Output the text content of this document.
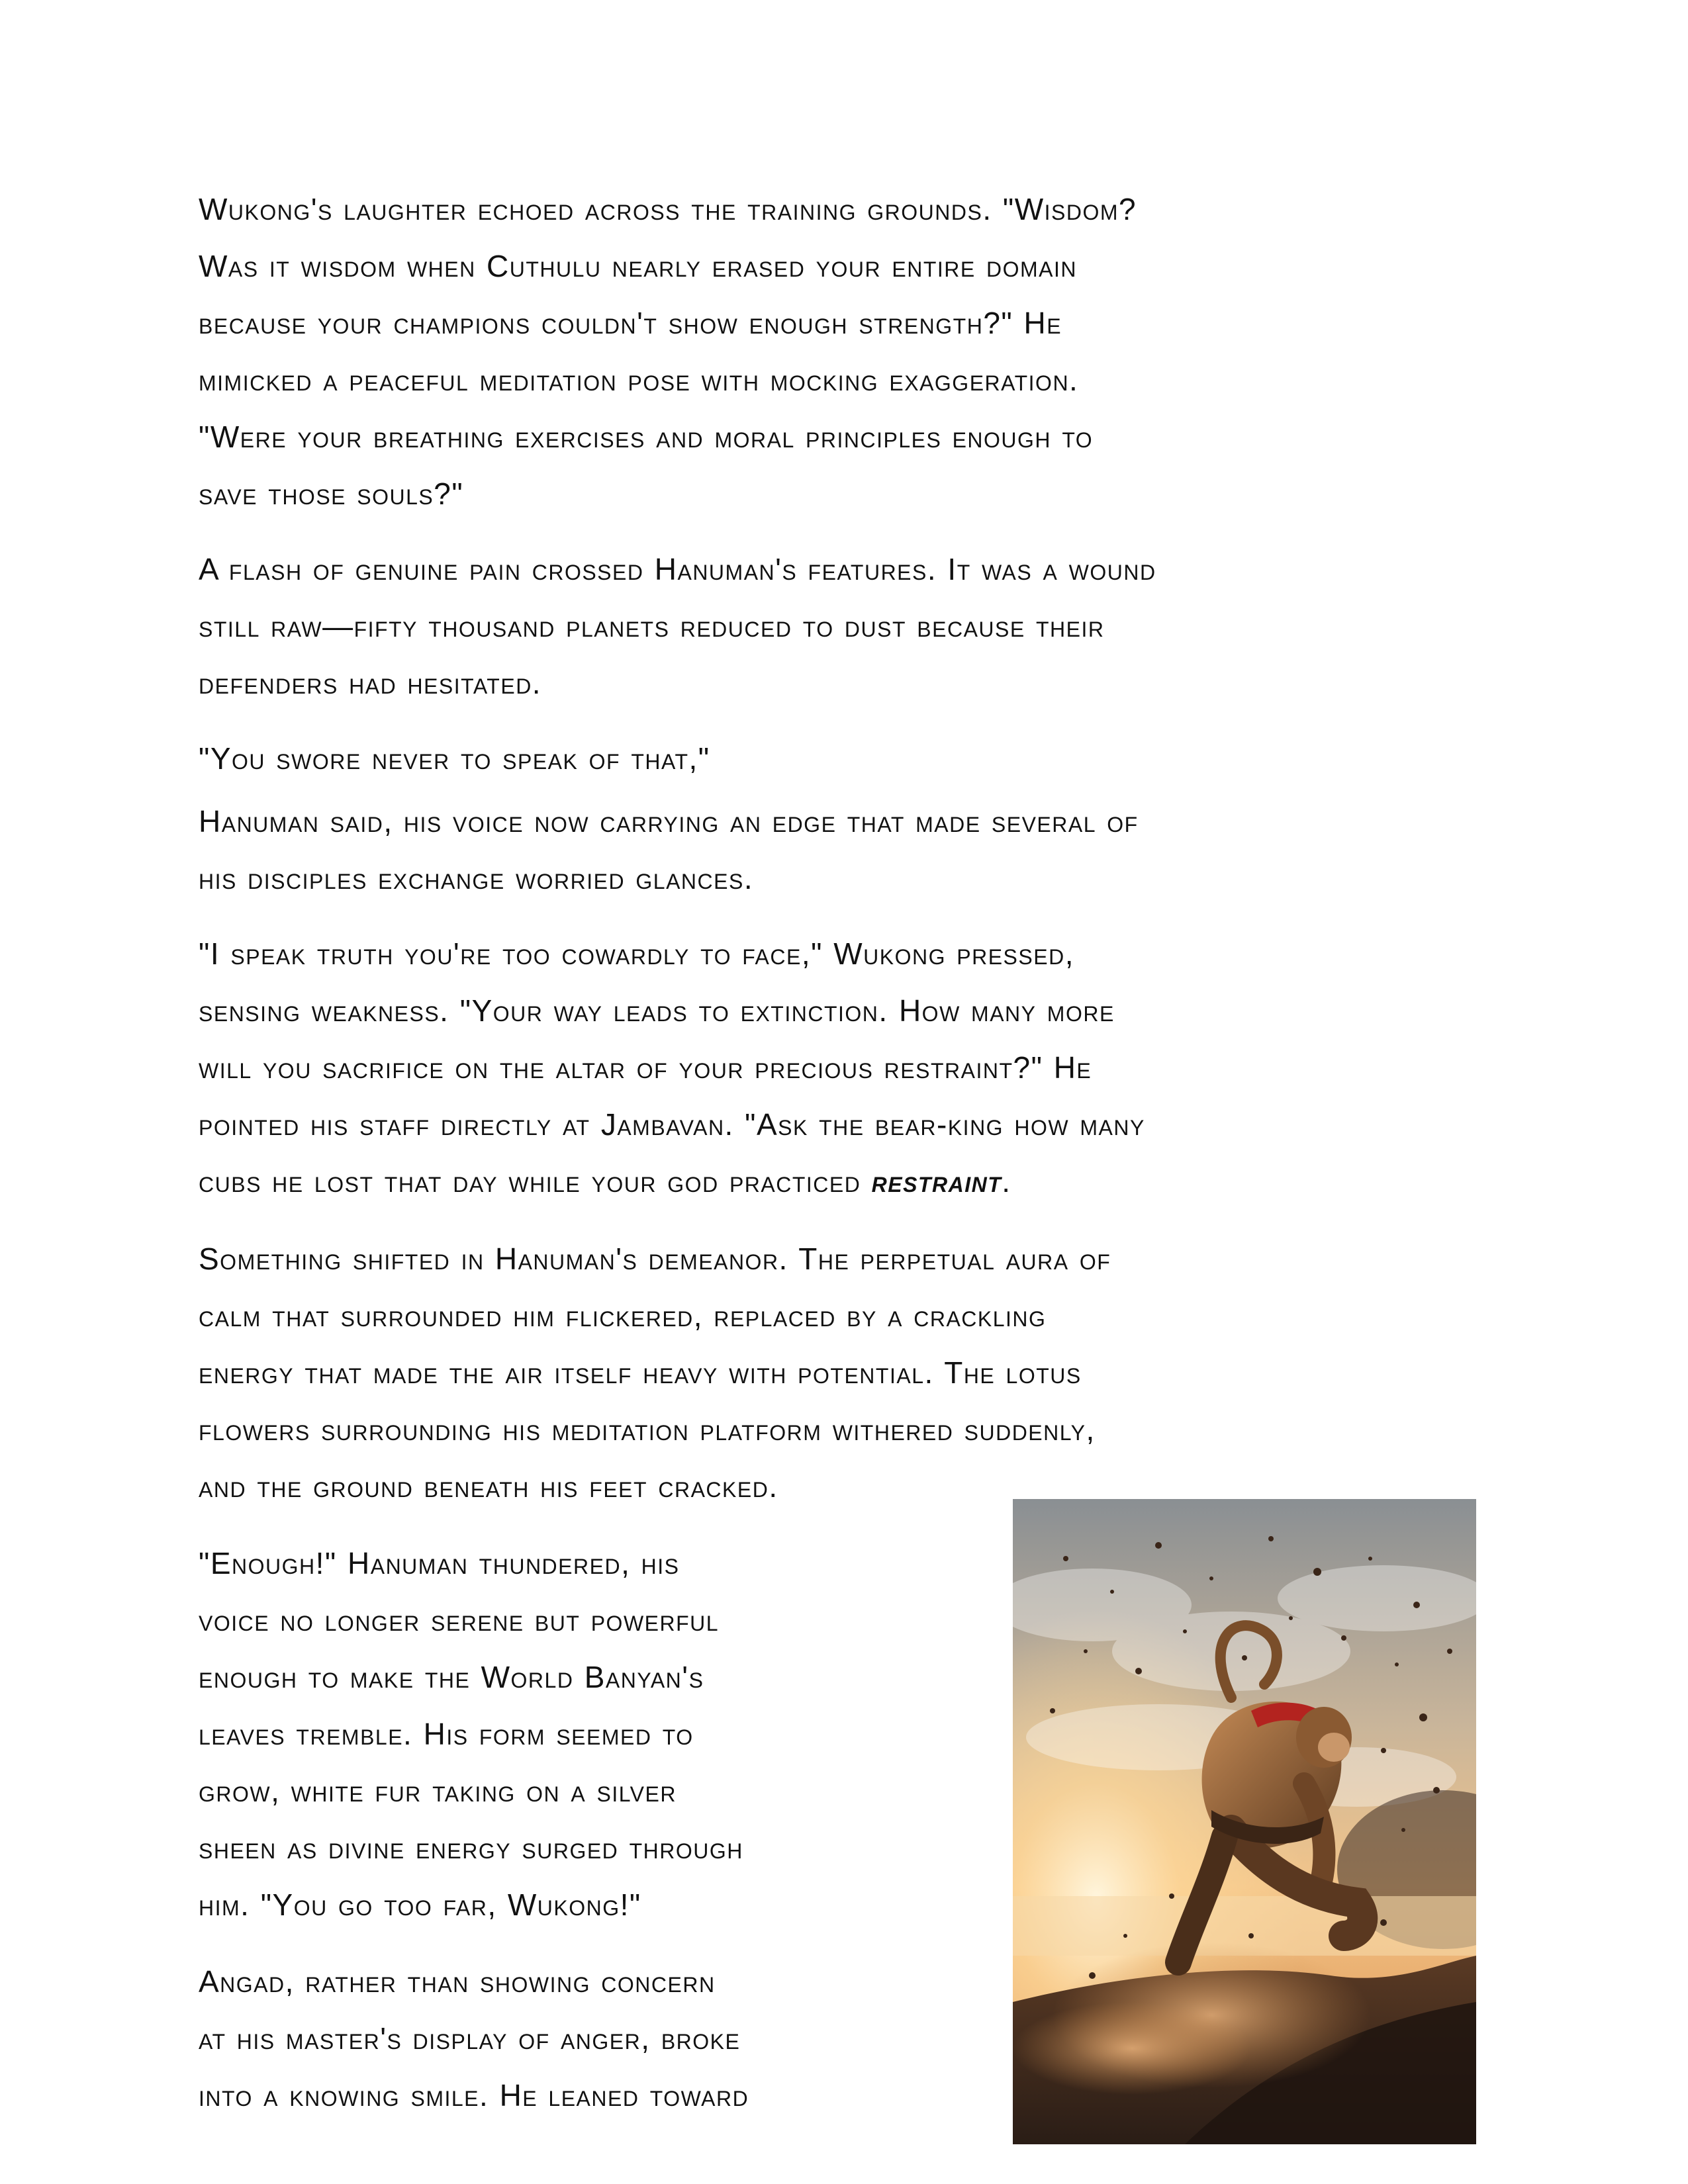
Wukong's laughter echoed across the training grounds. "Wisdom?
Was it wisdom when Cuthulu nearly erased your entire domain
because your champions couldn't show enough strength?" He
mimicked a peaceful meditation pose with mocking exaggeration.
"Were your breathing exercises and moral principles enough to
save those souls?"

A flash of genuine pain crossed Hanuman's features. It was a wound
still raw—fifty thousand planets reduced to dust because their
defenders had hesitated.

"You swore never to speak of that,"

Hanuman said, his voice now carrying an edge that made several of
his disciples exchange worried glances.

"I speak truth you're too cowardly to face," Wukong pressed,
sensing weakness. "Your way leads to extinction. How many more
will you sacrifice on the altar of your precious restraint?" He
pointed his staff directly at Jambavan. "Ask the bear-king how many
cubs he lost that day while your god practiced restraint.

Something shifted in Hanuman's demeanor. The perpetual aura of
calm that surrounded him flickered, replaced by a crackling
energy that made the air itself heavy with potential. The lotus
flowers surrounding his meditation platform withered suddenly,
and the ground beneath his feet cracked.

"Enough!" Hanuman thundered, his
voice no longer serene but powerful
enough to make the World Banyan's
leaves tremble. His form seemed to
grow, white fur taking on a silver
sheen as divine energy surged through
him. "You go too far, Wukong!"

Angad, rather than showing concern
at his master's display of anger, broke
into a knowing smile. He leaned toward
